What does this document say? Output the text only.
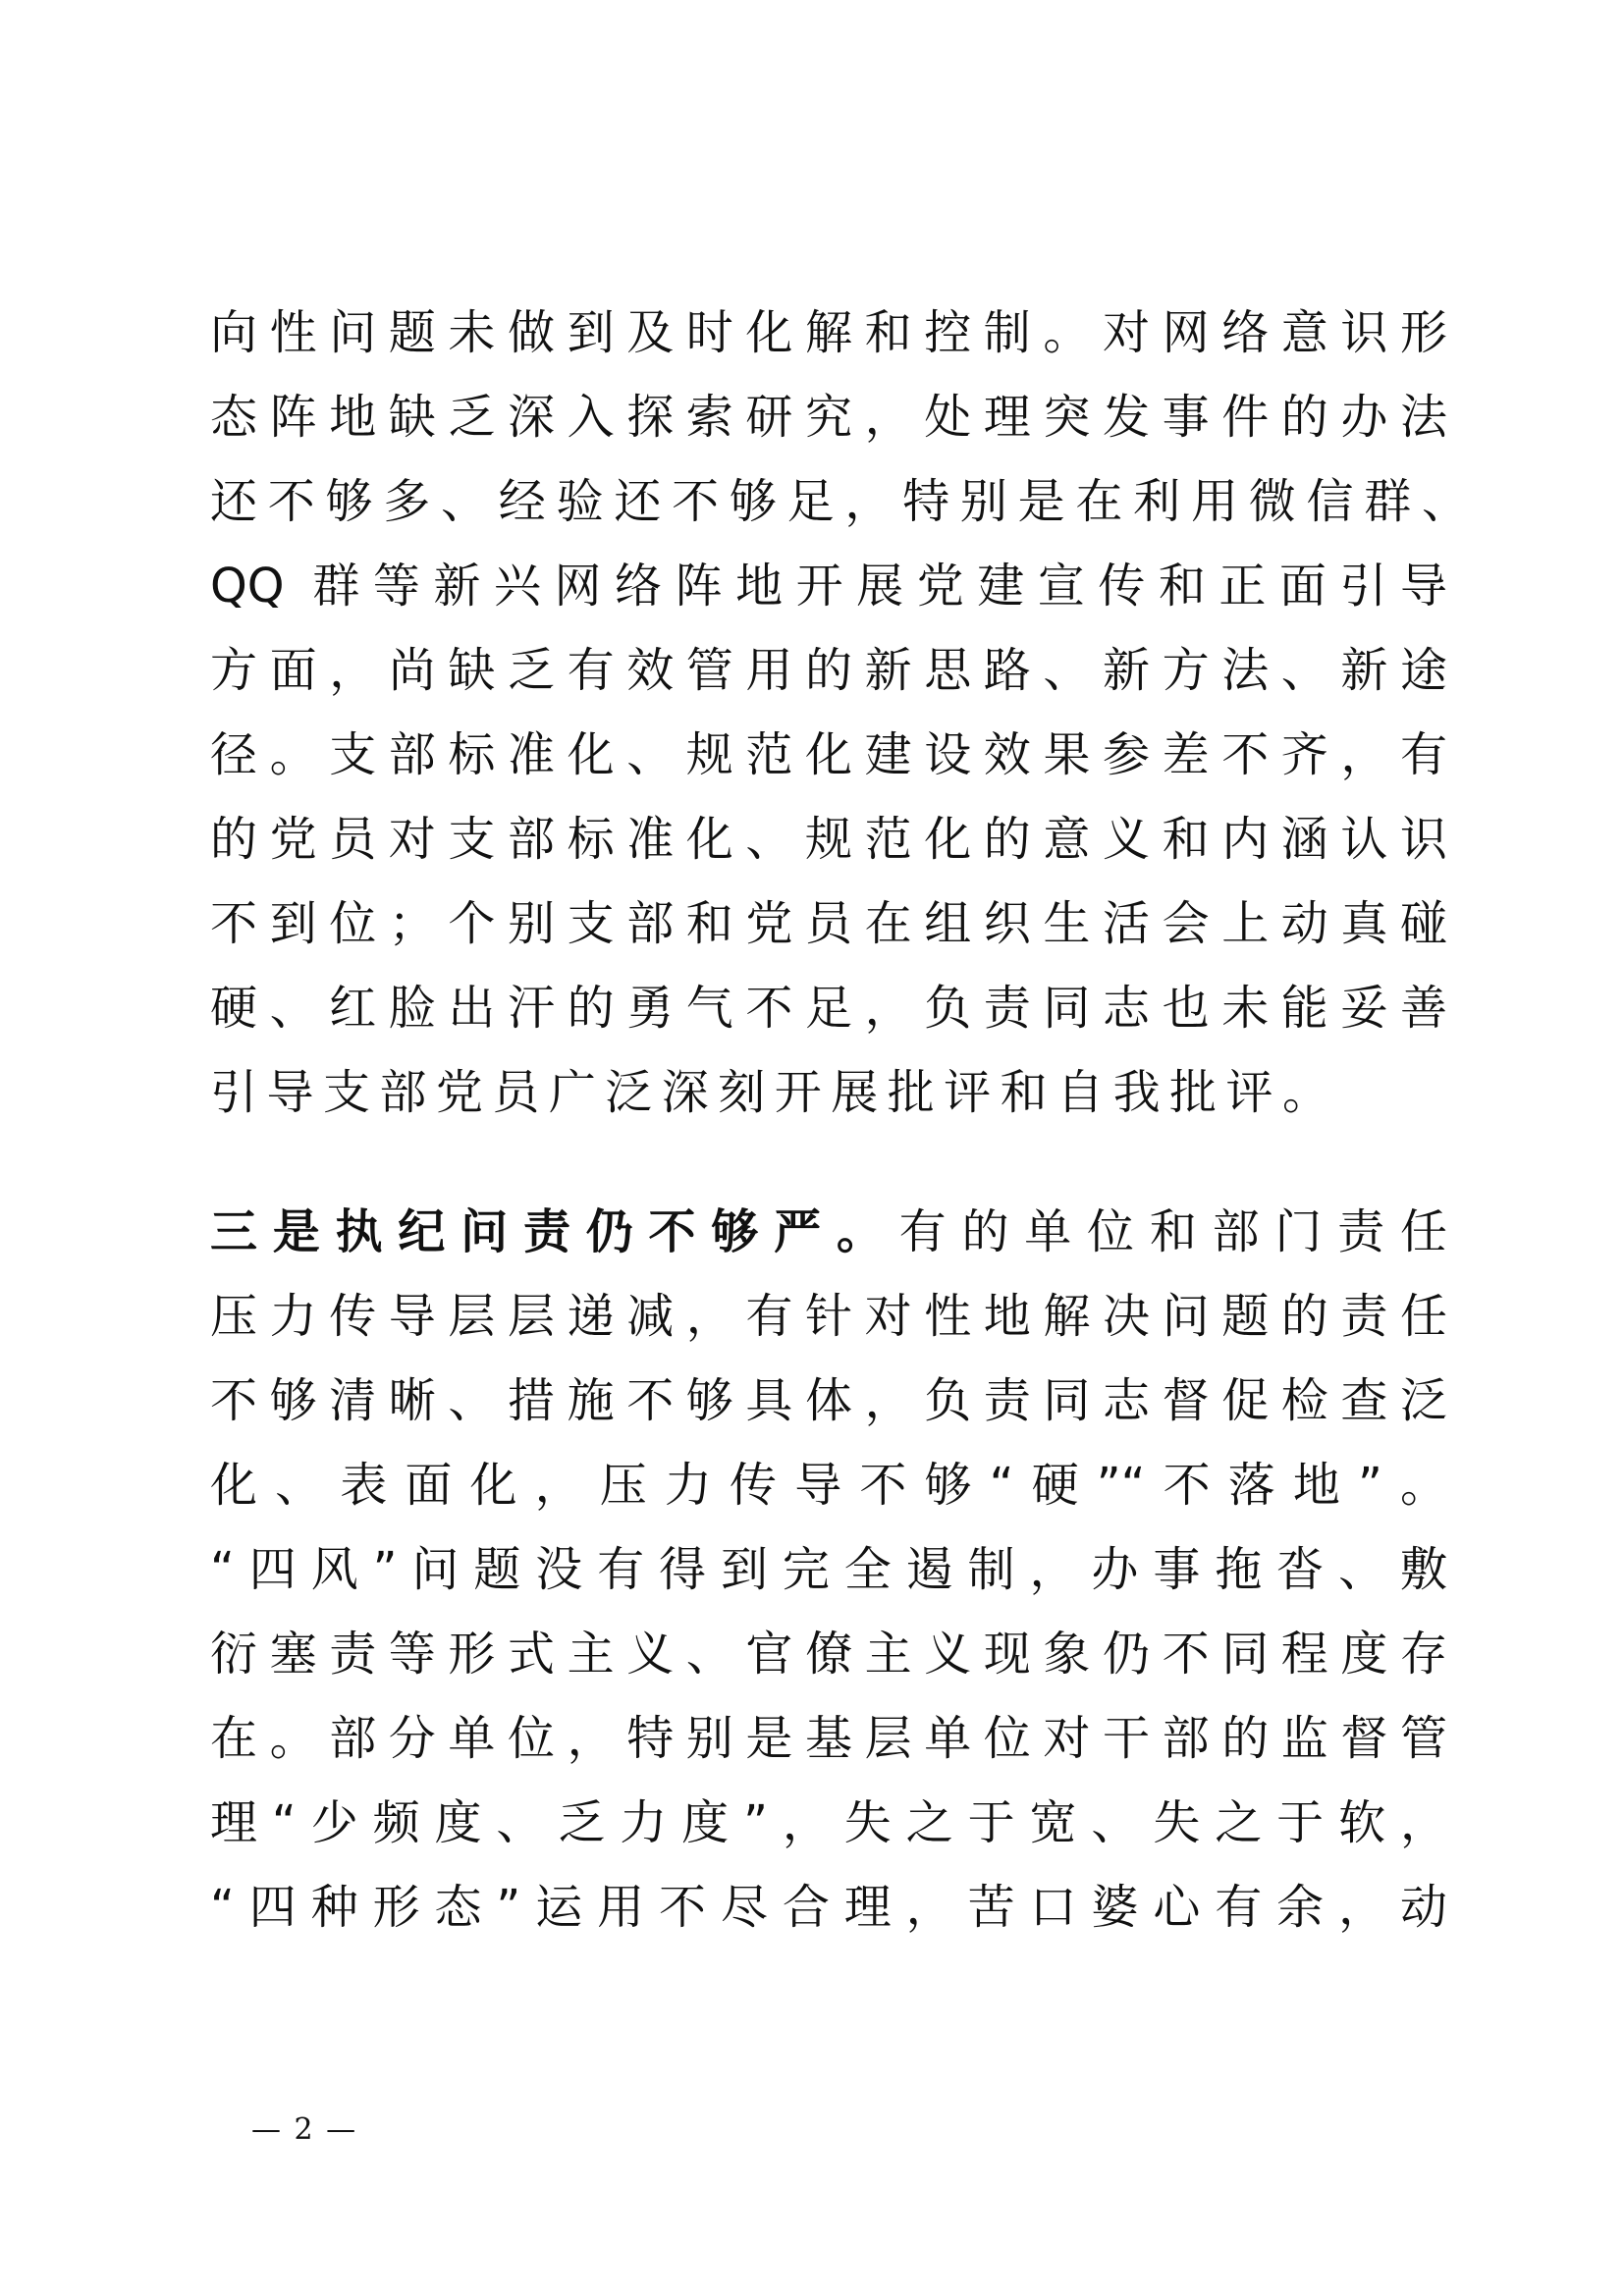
向性问题未做到及时化解和控制。对网络意识形
态阵地缺乏深入探索研究，处理突发事件的办法
还不够多、经验还不够足，特别是在利用微信群、
QQ 群等新兴网络阵地开展党建宣传和正面引导
方面，尚缺乏有效管用的新思路、新方法、新途
径。支部标准化、规范化建设效果参差不齐，有
的党员对支部标准化、规范化的意义和内涵认识
不到位；个别支部和党员在组织生活会上动真碰
硬、红脸出汗的勇气不足，负责同志也未能妥善
引导支部党员广泛深刻开展批评和自我批评。
三是执纪问责仍不够严。有的单位和部门责任
压力传导层层递减，有针对性地解决问题的责任
不够清晰、措施不够具体，负责同志督促检查泛
化、表面化，压力传导不够“硬”“不落地”。
“四风”问题没有得到完全遏制，办事拖沓、敷
衍塞责等形式主义、官僚主义现象仍不同程度存
在。部分单位，特别是基层单位对干部的监督管
理“少频度、乏力度”，失之于宽、失之于软，
“四种形态”运用不尽合理，苦口婆心有余，动
— 2 —
